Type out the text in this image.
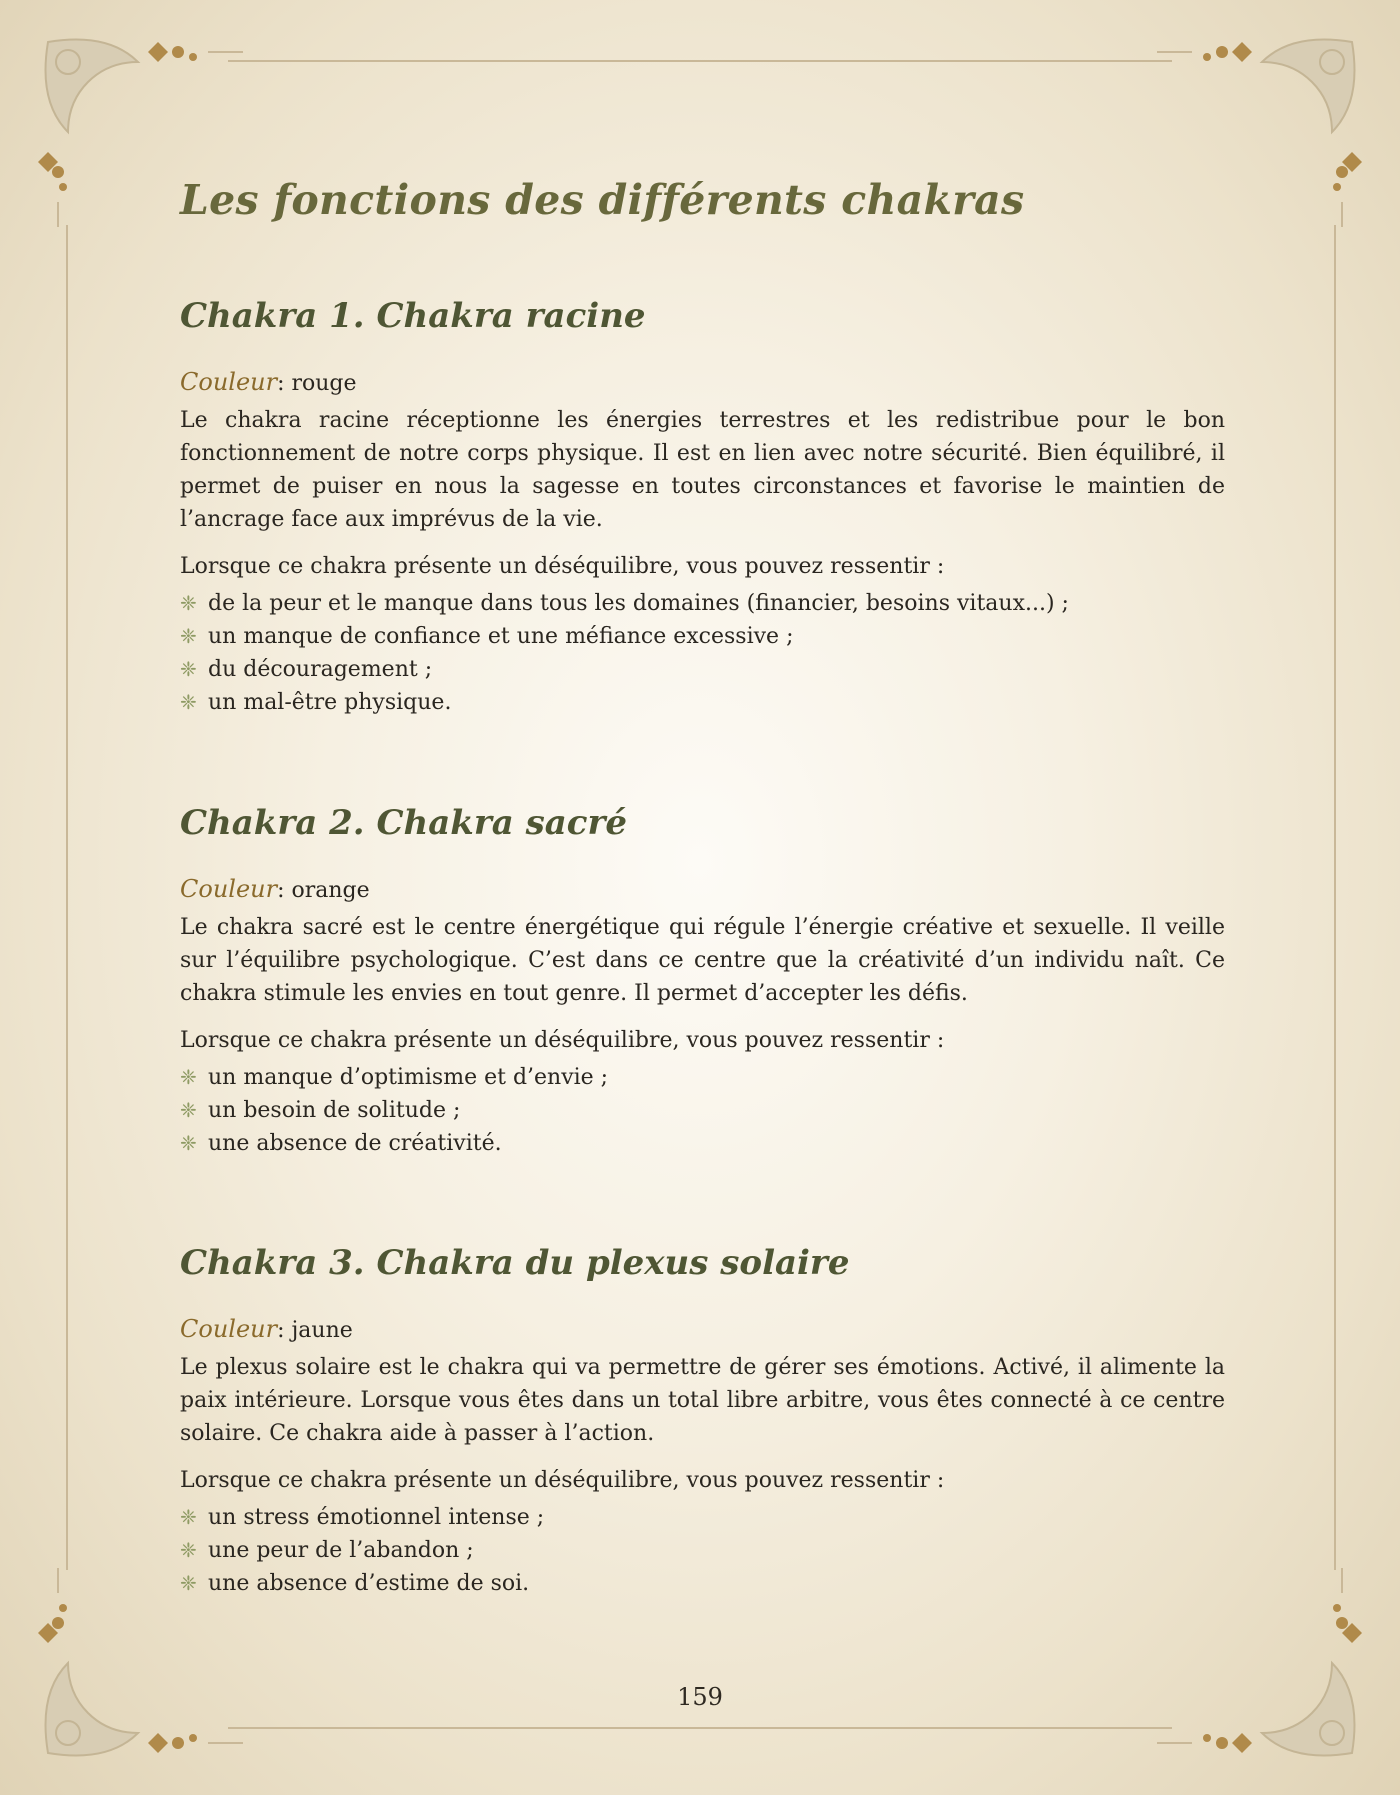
Les fonctions des différents chakras
Chakra 1. Chakra racine

Couleur: rouge

Le chakra racine réceptionne les énergies terrestres et les redistribue pour le bon fonctionnement de notre corps physique. Il est en lien avec notre sécurité. Bien équilibré, il permet de puiser en nous la sagesse en toutes circonstances et favorise le maintien de l’ancrage face aux imprévus de la vie.

Lorsque ce chakra présente un déséquilibre, vous pouvez ressentir :

❈ de la peur et le manque dans tous les domaines (financier, besoins vitaux...) ;
❈ un manque de confiance et une méfiance excessive ;
❈ du découragement ;
❈ un mal-être physique.
Chakra 2. Chakra sacré

Couleur: orange

Le chakra sacré est le centre énergétique qui régule l’énergie créative et sexuelle. Il veille sur l’équilibre psychologique. C’est dans ce centre que la créativité d’un individu naît. Ce chakra stimule les envies en tout genre. Il permet d’accepter les défis.

Lorsque ce chakra présente un déséquilibre, vous pouvez ressentir :

❈ un manque d’optimisme et d’envie ;
❈ un besoin de solitude ;
❈ une absence de créativité.
Chakra 3. Chakra du plexus solaire

Couleur: jaune

Le plexus solaire est le chakra qui va permettre de gérer ses émotions. Activé, il alimente la paix intérieure. Lorsque vous êtes dans un total libre arbitre, vous êtes connecté à ce centre solaire. Ce chakra aide à passer à l’action.

Lorsque ce chakra présente un déséquilibre, vous pouvez ressentir :

❈ un stress émotionnel intense ;
❈ une peur de l’abandon ;
❈ une absence d’estime de soi.
159
